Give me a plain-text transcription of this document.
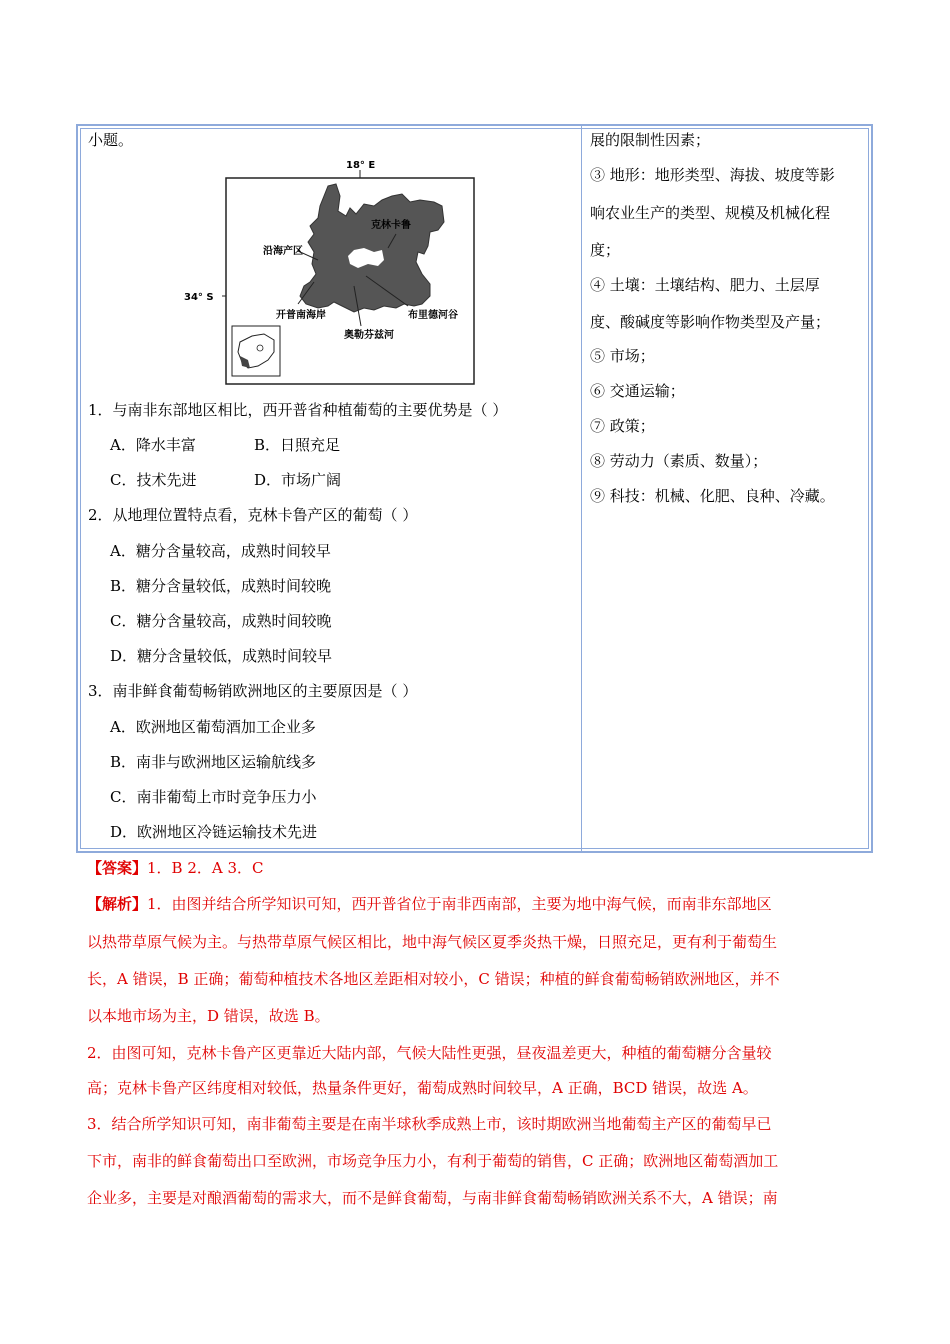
小题。
18° E
34° S
克林卡鲁
沿海产区
开普南海岸	布里德河谷
奥勒芬兹河
1．与南非东部地区相比，西开普省种植葡萄的主要优势是（ ）
A．降水丰富	B．日照充足
C．技术先进	D．市场广阔
2．从地理位置特点看，克林卡鲁产区的葡萄（ ）
A．糖分含量较高，成熟时间较早
B．糖分含量较低，成熟时间较晚
C．糖分含量较高，成熟时间较晚
D．糖分含量较低，成熟时间较早
3．南非鲜食葡萄畅销欧洲地区的主要原因是（ ）
A．欧洲地区葡萄酒加工企业多
B．南非与欧洲地区运输航线多
C．南非葡萄上市时竞争压力小
D．欧洲地区冷链运输技术先进
展的限制性因素；
③ 地形：地形类型、海拔、坡度等影
响农业生产的类型、规模及机械化程
度；
④ 土壤：土壤结构、肥力、土层厚
度、酸碱度等影响作物类型及产量；
⑤ 市场；
⑥ 交通运输；
⑦ 政策；
⑧ 劳动力（素质、数量）；
⑨ 科技：机械、化肥、良种、冷藏。
【答案】1．B 2．A 3．C
【解析】1．由图并结合所学知识可知，西开普省位于南非西南部，主要为地中海气候，而南非东部地区
以热带草原气候为主。与热带草原气候区相比，地中海气候区夏季炎热干燥，日照充足，更有利于葡萄生
长，A 错误，B 正确；葡萄种植技术各地区差距相对较小，C 错误；种植的鲜食葡萄畅销欧洲地区，并不
以本地市场为主，D 错误，故选 B。
2．由图可知，克林卡鲁产区更靠近大陆内部，气候大陆性更强，昼夜温差更大，种植的葡萄糖分含量较
高；克林卡鲁产区纬度相对较低，热量条件更好，葡萄成熟时间较早，A 正确，BCD 错误，故选 A。
3．结合所学知识可知，南非葡萄主要是在南半球秋季成熟上市，该时期欧洲当地葡萄主产区的葡萄早已
下市，南非的鲜食葡萄出口至欧洲，市场竞争压力小，有利于葡萄的销售，C 正确；欧洲地区葡萄酒加工
企业多，主要是对酿酒葡萄的需求大，而不是鲜食葡萄，与南非鲜食葡萄畅销欧洲关系不大，A 错误；南
